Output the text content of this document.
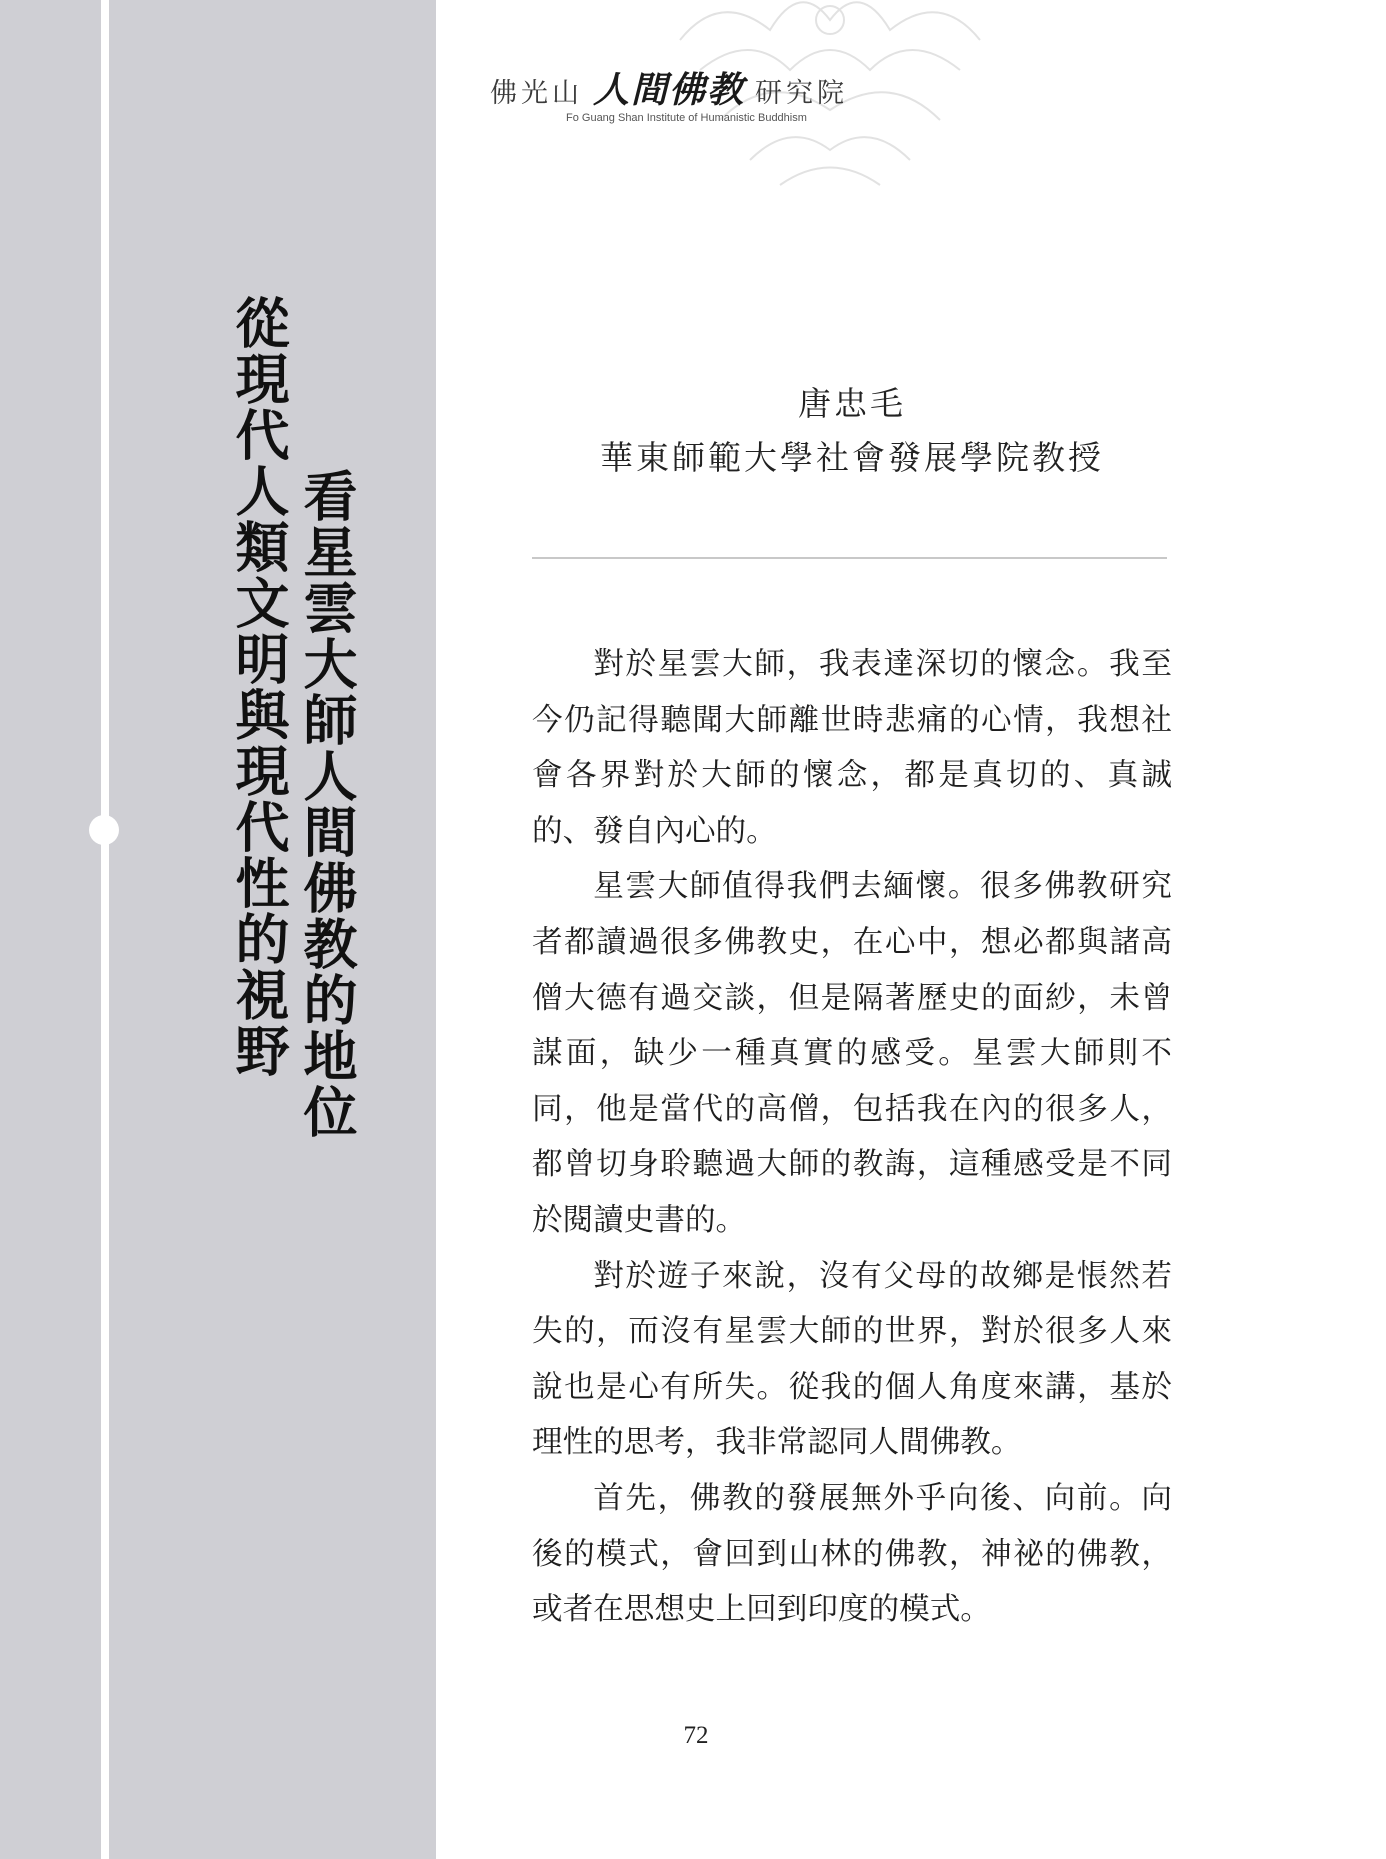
看星雲大師人間佛教的地位
從現代人類文明與現代性的視野
佛光山 人間佛教 研究院
Fo Guang Shan Institute of Humanistic Buddhism
唐忠毛
華東師範大學社會發展學院教授

對於星雲大師，我表達深切的懷念。我至今仍記得聽聞大師離世時悲痛的心情，我想社會各界對於大師的懷念，都是真切的、真誠的、發自內心的。

星雲大師值得我們去緬懷。很多佛教研究者都讀過很多佛教史，在心中，想必都與諸高僧大德有過交談，但是隔著歷史的面紗，未曾謀面，缺少一種真實的感受。星雲大師則不同，他是當代的高僧，包括我在內的很多人，都曾切身聆聽過大師的教誨，這種感受是不同於閱讀史書的。

對於遊子來說，沒有父母的故鄉是悵然若失的，而沒有星雲大師的世界，對於很多人來說也是心有所失。從我的個人角度來講，基於理性的思考，我非常認同人間佛教。

首先，佛教的發展無外乎向後、向前。向後的模式，會回到山林的佛教，神祕的佛教，或者在思想史上回到印度的模式。

72
